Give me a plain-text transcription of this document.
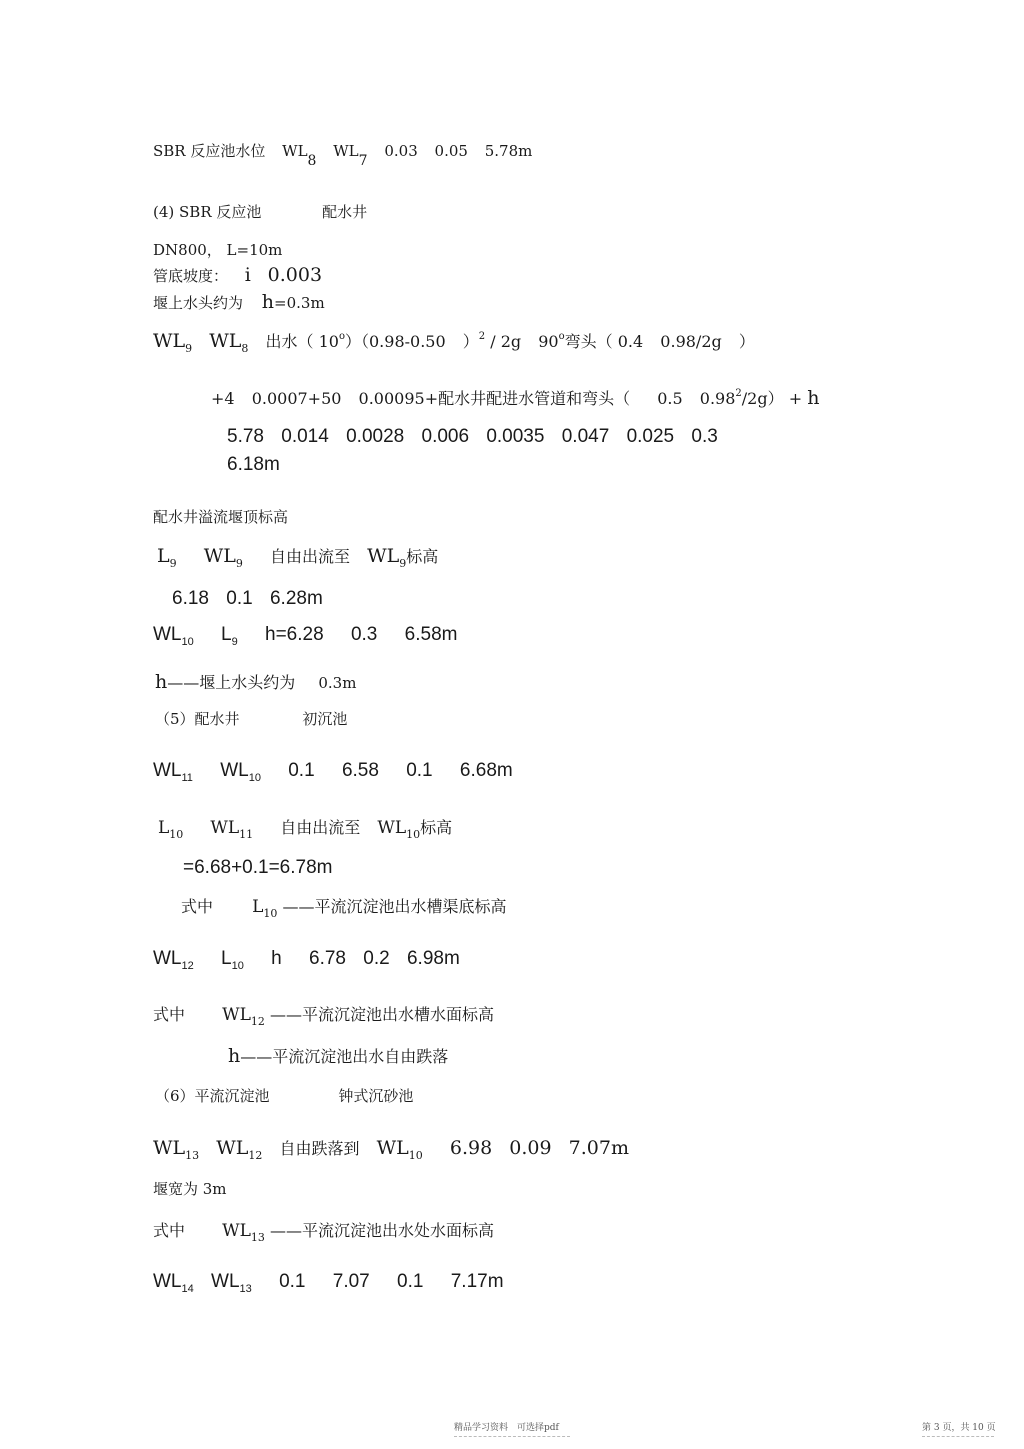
SBR 反应池水位 WL8 WL7 0.03 0.05 5.78m
(4) SBR 反应池	配水井
DN800， L=10m
管底坡度： i 0.003
堰上水头约为 h=0.3m
$WL_9$ $WL_8$ 出水（ 10$^o$）（0.98-0.50 ）$^2$ / 2g 90$^o$弯头（ 0.4 0.98/2g ）
+4 0.0007+50 0.00095+配水井配进水管道和弯头（ 0.5 $0.98^2/2g) + h$
5.78 0.014 0.0028 0.006 0.0035 0.047 0.025 0.3
6.18m
配水井溢流堰顶标高
$L_9$ $WL_9$ 自由出流至 $WL_9$标高
6.18 0.1 6.28m
$WL_{10}$ $L_9$ h=6.28 0.3 6.58m
h——堰上水头约为 0.3m
（5）配水井	初沉池
$WL_{11}$ $WL_{10}$ 0.1 6.58 0.1 6.68m
$L_{10}$ $WL_{11}$ 自由出流至 $WL_{10}$标高
=6.68+0.1=6.78m
式中 $L_{10}$ ——平流沉淀池出水槽渠底标高
$WL_{12}$ $L_{10}$ h 6.78 0.2 6.98m
式中 $WL_{12}$ ——平流沉淀池出水槽水面标高
h——平流沉淀池出水自由跌落
（6）平流沉淀池	钟式沉砂池
$WL_{13}$ $WL_{12}$ 自由跌落到 $WL_{10}$ 6.98 0.09 7.07m
堰宽为 3m
式中 $WL_{13}$ ——平流沉淀池出水处水面标高
$WL_{14}$ $WL_{13}$ 0.1 7.07 0.1 7.17m
精品学习资料 可选择pdf	第 3 页，共 10 页
